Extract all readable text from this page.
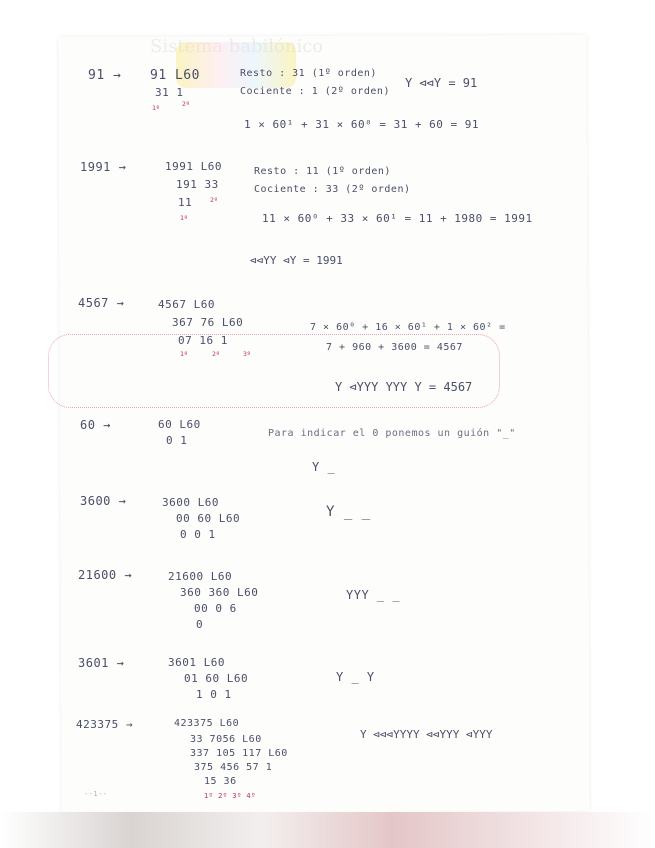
Sistema babilónico
91 → 91 L60
31 1
1º	2º
Resto : 31 (1º orden)
Cociente : 1 (2º orden)
Y ⊲⊲Y = 91
1 × 60¹ + 31 × 60⁰ = 31 + 60 = 91
1991 →	1991 L60
191 33
11
1º
2º
Resto : 11 (1º orden)
Cociente : 33 (2º orden)
11 × 60⁰ + 33 × 60¹ = 11 + 1980 = 1991
⊲⊲YY ⊲Y = 1991
4567 →	4567 L60
367 76 L60
07 16 1
1º	2º	3º
7 × 60⁰ + 16 × 60¹ + 1 × 60² =
7 + 960 + 3600 = 4567
Y ⊲YYY YYY Y = 4567
60 →	60 L60
0 1
Para indicar el 0 ponemos un guión "_"
Y _
3600 →	3600 L60
00 60 L60
0 0 1
Y _ _
21600 →	21600 L60
360 360 L60
00 0 6
0
YYY _ _
3601 →	3601 L60
01 60 L60
1 0 1
Y _ Y
423375 →	423375 L60
33 7056 L60
337 105 117 L60
375 456 57 1
15 36
1º 2º 3º 4º
Y ⊲⊲⊲YYYY ⊲⊲YYY ⊲YYY
--1--
